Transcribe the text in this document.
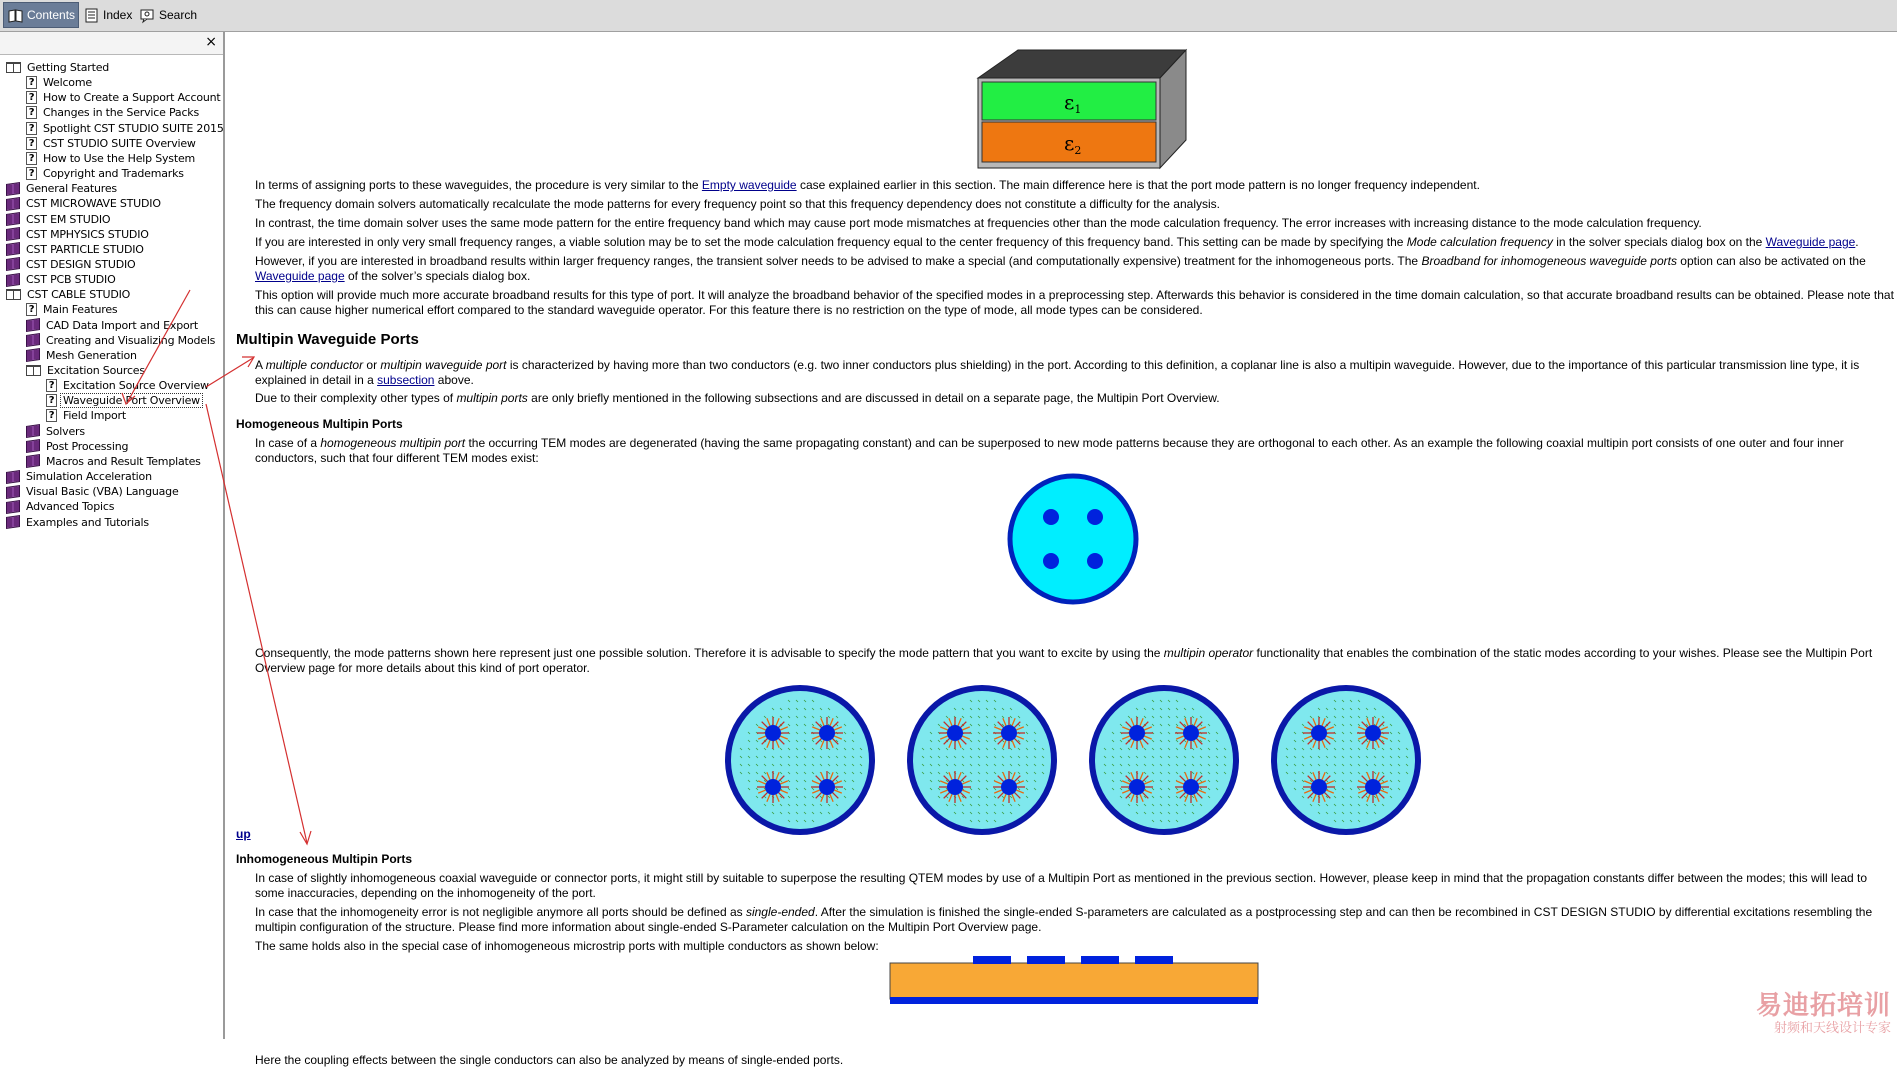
Contents Index Search
×
Getting Started
? Welcome
? How to Create a Support Account
? Changes in the Service Packs
? Spotlight CST STUDIO SUITE 2015
? CST STUDIO SUITE Overview
? How to Use the Help System
? Copyright and Trademarks
General Features
CST MICROWAVE STUDIO
CST EM STUDIO
CST MPHYSICS STUDIO
CST PARTICLE STUDIO
CST DESIGN STUDIO
CST PCB STUDIO
CST CABLE STUDIO
? Main Features
CAD Data Import and Export
Creating and Visualizing Models
Mesh Generation
Excitation Sources
? Excitation Source Overview
? Waveguide Port Overview
? Field Import
Solvers
Post Processing
Macros and Result Templates
Simulation Acceleration
Visual Basic (VBA) Language
Advanced Topics
Examples and Tutorials
$\varepsilon_1$
$\varepsilon_2$

In terms of assigning ports to these waveguides, the procedure is very similar to the Empty waveguide case explained earlier in this section. The main difference here is that the port mode pattern is no longer frequency independent.

The frequency domain solvers automatically recalculate the mode patterns for every frequency point so that this frequency dependency does not constitute a difficulty for the analysis.

In contrast, the time domain solver uses the same mode pattern for the entire frequency band which may cause port mode mismatches at frequencies other than the mode calculation frequency. The error increases with increasing distance to the mode calculation frequency.

If you are interested in only very small frequency ranges, a viable solution may be to set the mode calculation frequency equal to the center frequency of this frequency band. This setting can be made by specifying the Mode calculation frequency in the solver specials dialog box on the Waveguide page.

However, if you are interested in broadband results within larger frequency ranges, the transient solver needs to be advised to make a special (and computationally expensive) treatment for the inhomogeneous ports. The Broadband for inhomogeneous waveguide ports option can also be activated on the Waveguide page of the solver’s specials dialog box.

This option will provide much more accurate broadband results for this type of port. It will analyze the broadband behavior of the specified modes in a preprocessing step. Afterwards this behavior is considered in the time domain calculation, so that accurate broadband results can be obtained. Please note that this can cause higher numerical effort compared to the standard waveguide operator. For this feature there is no restriction on the type of mode, all mode types can be considered.

Multipin Waveguide Ports

A multiple conductor or multipin waveguide port is characterized by having more than two conductors (e.g. two inner conductors plus shielding) in the port. According to this definition, a coplanar line is also a multipin waveguide. However, due to the importance of this particular transmission line type, it is explained in detail in a subsection above.

Due to their complexity other types of multipin ports are only briefly mentioned in the following subsections and are discussed in detail on a separate page, the Multipin Port Overview.

Homogeneous Multipin Ports

In case of a homogeneous multipin port the occurring TEM modes are degenerated (having the same propagating constant) and can be superposed to new mode patterns because they are orthogonal to each other. As an example the following coaxial multipin port consists of one outer and four inner conductors, such that four different TEM modes exist:

Consequently, the mode patterns shown here represent just one possible solution. Therefore it is advisable to specify the mode pattern that you want to excite by using the multipin operator functionality that enables the combination of the static modes according to your wishes. Please see the Multipin Port Overview page for more details about this kind of port operator.

up
Inhomogeneous Multipin Ports

In case of slightly inhomogeneous coaxial waveguide or connector ports, it might still by suitable to superpose the resulting QTEM modes by use of a Multipin Port as mentioned in the previous section. However, please keep in mind that the propagation constants differ between the modes; this will lead to some inaccuracies, depending on the inhomogeneity of the port.

In case that the inhomogeneity error is not negligible anymore all ports should be defined as single-ended. After the simulation is finished the single-ended S-parameters are calculated as a postprocessing step and can then be recombined in CST DESIGN STUDIO by differential excitations resembling the multipin configuration of the structure. Please find more information about single-ended S-Parameter calculation on the Multipin Port Overview page.

The same holds also in the special case of inhomogeneous microstrip ports with multiple conductors as shown below:

Here the coupling effects between the single conductors can also be analyzed by means of single-ended ports.

易迪拓培训
射频和天线设计专家
